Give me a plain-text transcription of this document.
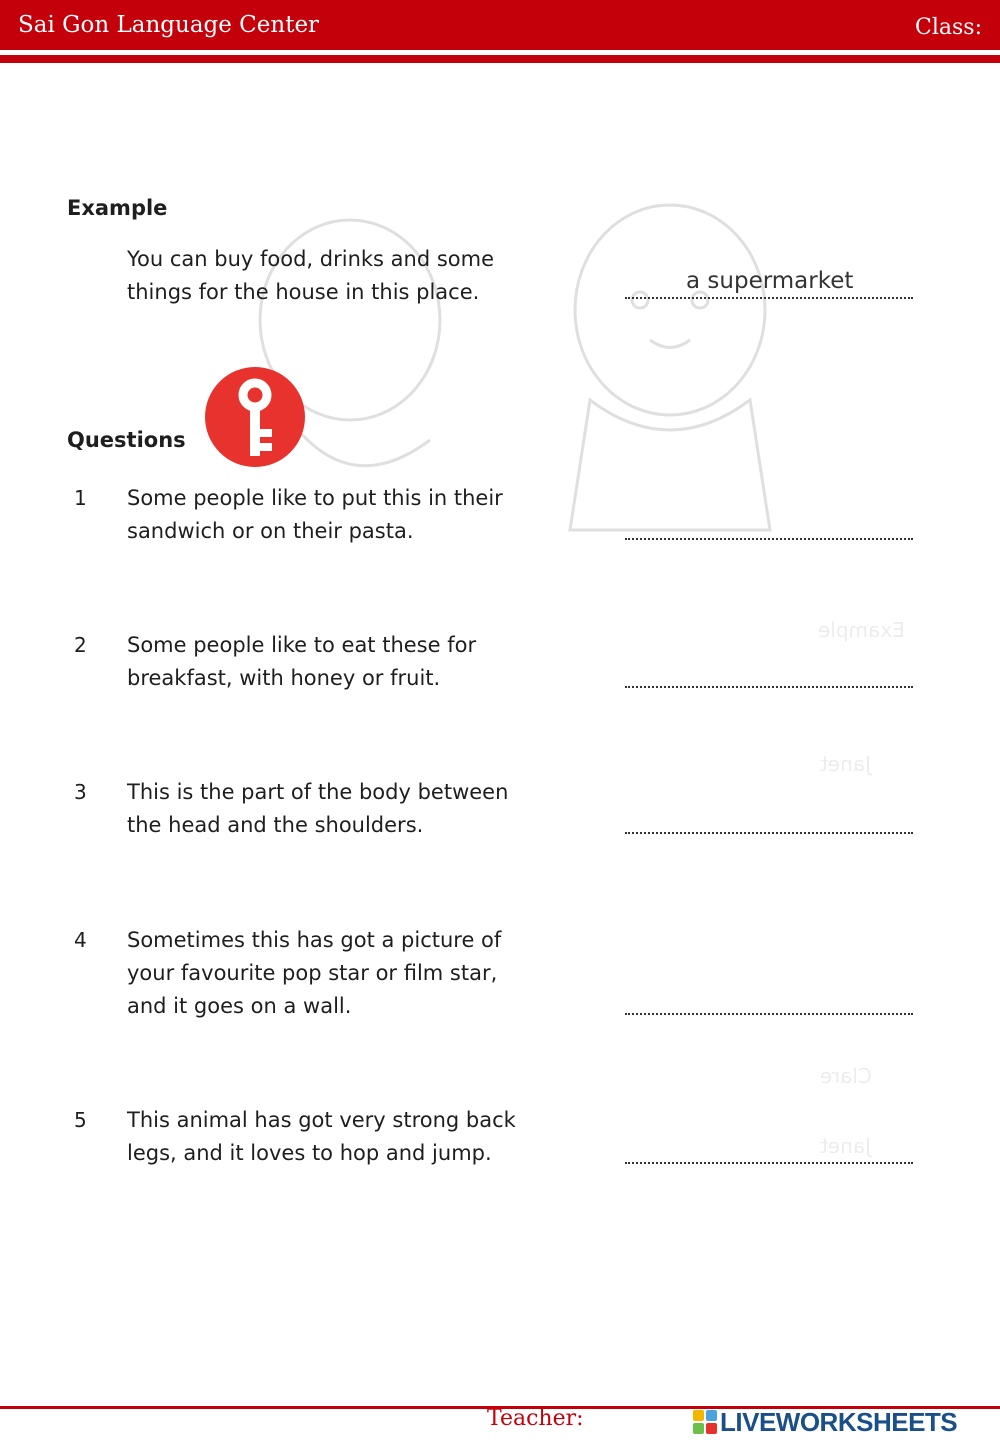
Sai Gon Language Center	Class:
Example
Janet
Clare
Janet
Example
You can buy food, drinks and some
things for the house in this place.	a supermarket
Questions
1 Some people like to put this in their
sandwich or on their pasta.
2 Some people like to eat these for
breakfast, with honey or fruit.
3 This is the part of the body between
the head and the shoulders.
4 Sometimes this has got a picture of
your favourite pop star or film star,
and it goes on a wall.
5 This animal has got very strong back
legs, and it loves to hop and jump.
Teacher:	LIVEWORKSHEETS
